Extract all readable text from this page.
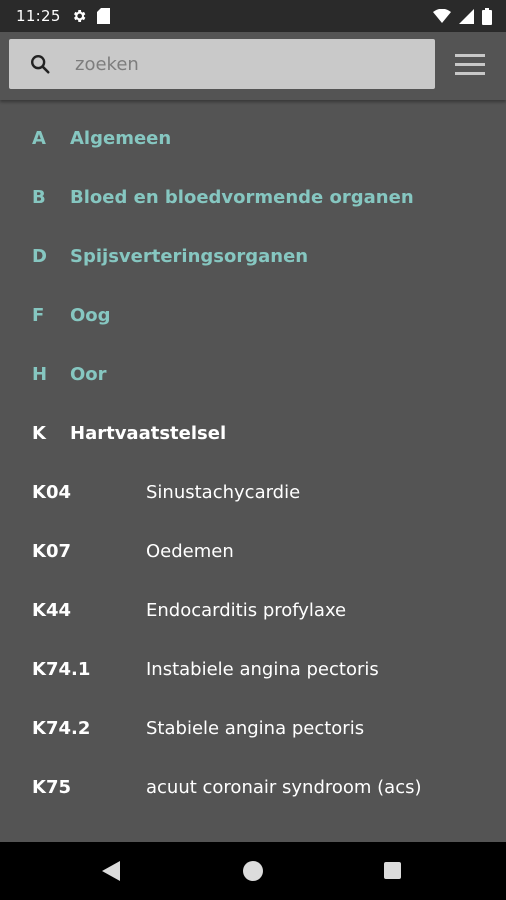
11:25
zoeken
A	Algemeen
B	Bloed en bloedvormende organen
D	Spijsverteringsorganen
F	Oog
H	Oor
K	Hartvaatstelsel
K04	Sinustachycardie
K07	Oedemen
K44	Endocarditis profylaxe
K74.1	Instabiele angina pectoris
K74.2	Stabiele angina pectoris
K75	acuut coronair syndroom (acs)
